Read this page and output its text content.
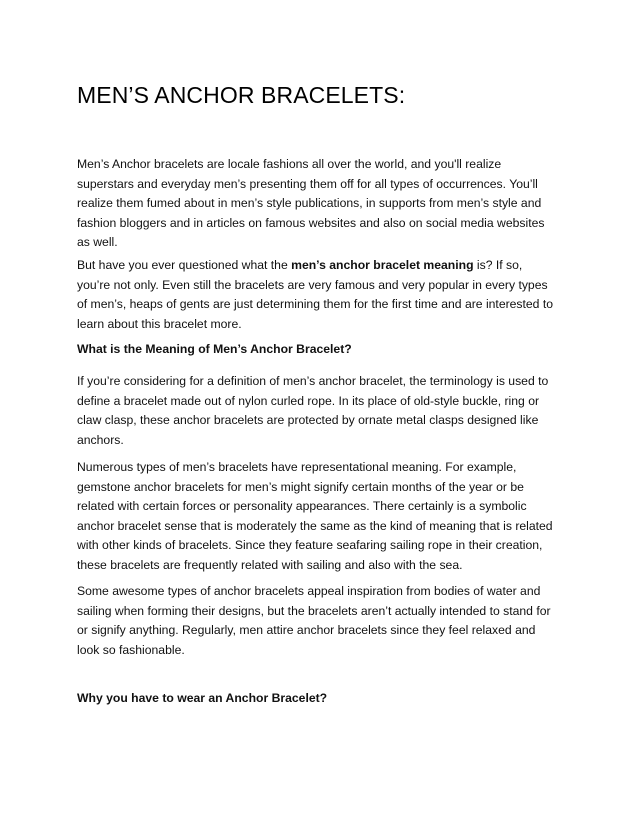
MEN’S ANCHOR BRACELETS:

Men’s Anchor bracelets are locale fashions all over the world, and you'll realize superstars and everyday men’s presenting them off for all types of occurrences. You’ll realize them fumed about in men’s style publications, in supports from men’s style and fashion bloggers and in articles on famous websites and also on social media websites as well.

But have you ever questioned what the men’s anchor bracelet meaning is? If so, you’re not only. Even still the bracelets are very famous and very popular in every types of men’s, heaps of gents are just determining them for the first time and are interested to learn about this bracelet more.

What is the Meaning of Men’s Anchor Bracelet?

If you’re considering for a definition of men’s anchor bracelet, the terminology is used to define a bracelet made out of nylon curled rope. In its place of old-style buckle, ring or claw clasp, these anchor bracelets are protected by ornate metal clasps designed like anchors.

Numerous types of men’s bracelets have representational meaning. For example, gemstone anchor bracelets for men’s might signify certain months of the year or be related with certain forces or personality appearances. There certainly is a symbolic anchor bracelet sense that is moderately the same as the kind of meaning that is related with other kinds of bracelets. Since they feature seafaring sailing rope in their creation, these bracelets are frequently related with sailing and also with the sea.

Some awesome types of anchor bracelets appeal inspiration from bodies of water and sailing when forming their designs, but the bracelets aren’t actually intended to stand for or signify anything. Regularly, men attire anchor bracelets since they feel relaxed and look so fashionable.

Why you have to wear an Anchor Bracelet?
